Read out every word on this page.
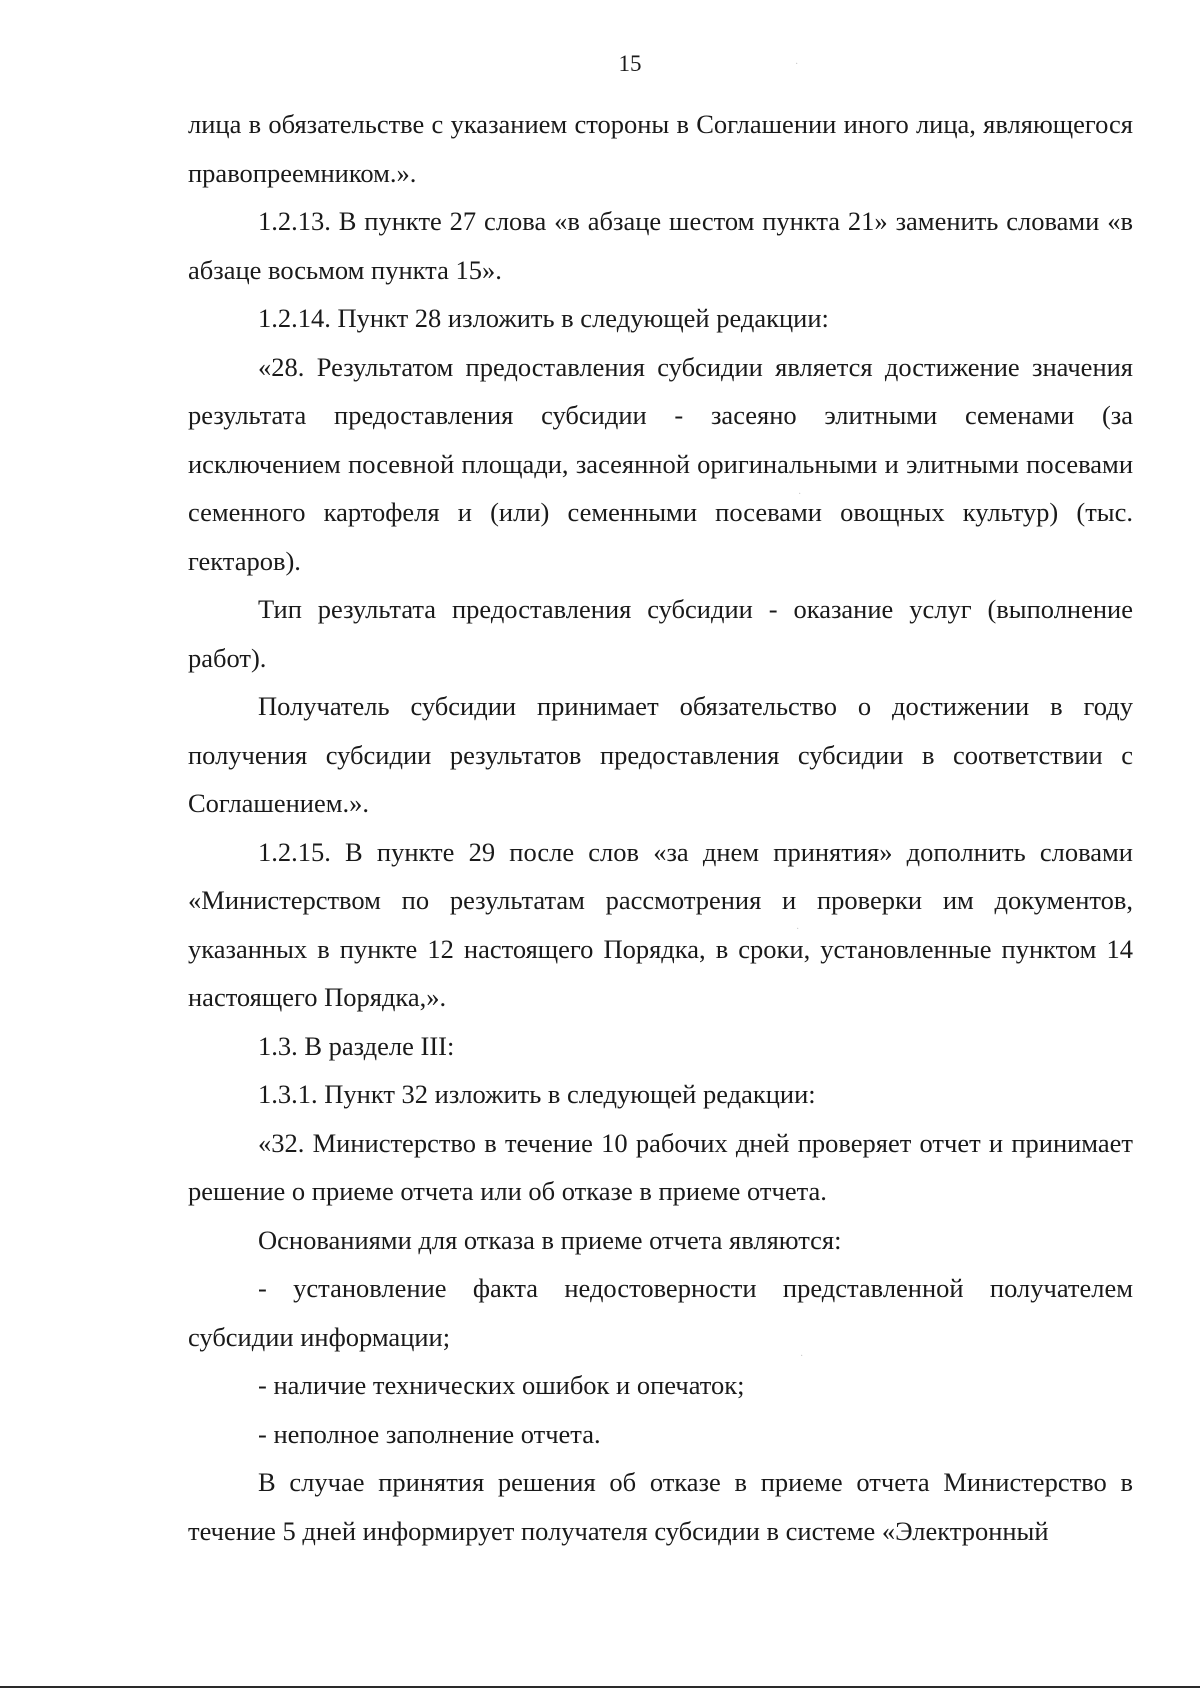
15

лица в обязательстве с указанием стороны в Соглашении иного лица, являющегося правопреемником.».

1.2.13. В пункте 27 слова «в абзаце шестом пункта 21» заменить словами «в абзаце восьмом пункта 15».

1.2.14. Пункт 28 изложить в следующей редакции:

«28. Результатом предоставления субсидии является достижение значения результата предоставления субсидии - засеяно элитными семенами (за исключением посевной площади, засеянной оригинальными и элитными посевами семенного картофеля и (или) семенными посевами овощных культур) (тыс. гектаров).

Тип результата предоставления субсидии - оказание услуг (выполнение работ).

Получатель субсидии принимает обязательство о достижении в году получения субсидии результатов предоставления субсидии в соответствии с Соглашением.».

1.2.15. В пункте 29 после слов «за днем принятия» дополнить словами «Министерством по результатам рассмотрения и проверки им документов, указанных в пункте 12 настоящего Порядка, в сроки, установленные пунктом 14 настоящего Порядка,».

1.3. В разделе III:

1.3.1. Пункт 32 изложить в следующей редакции:

«32. Министерство в течение 10 рабочих дней проверяет отчет и принимает решение о приеме отчета или об отказе в приеме отчета.

Основаниями для отказа в приеме отчета являются:

- установление факта недостоверности представленной получателем субсидии информации;

- наличие технических ошибок и опечаток;

- неполное заполнение отчета.

В случае принятия решения об отказе в приеме отчета Министерство в течение 5 дней информирует получателя субсидии в системе «Электронный

·
·
·
·
